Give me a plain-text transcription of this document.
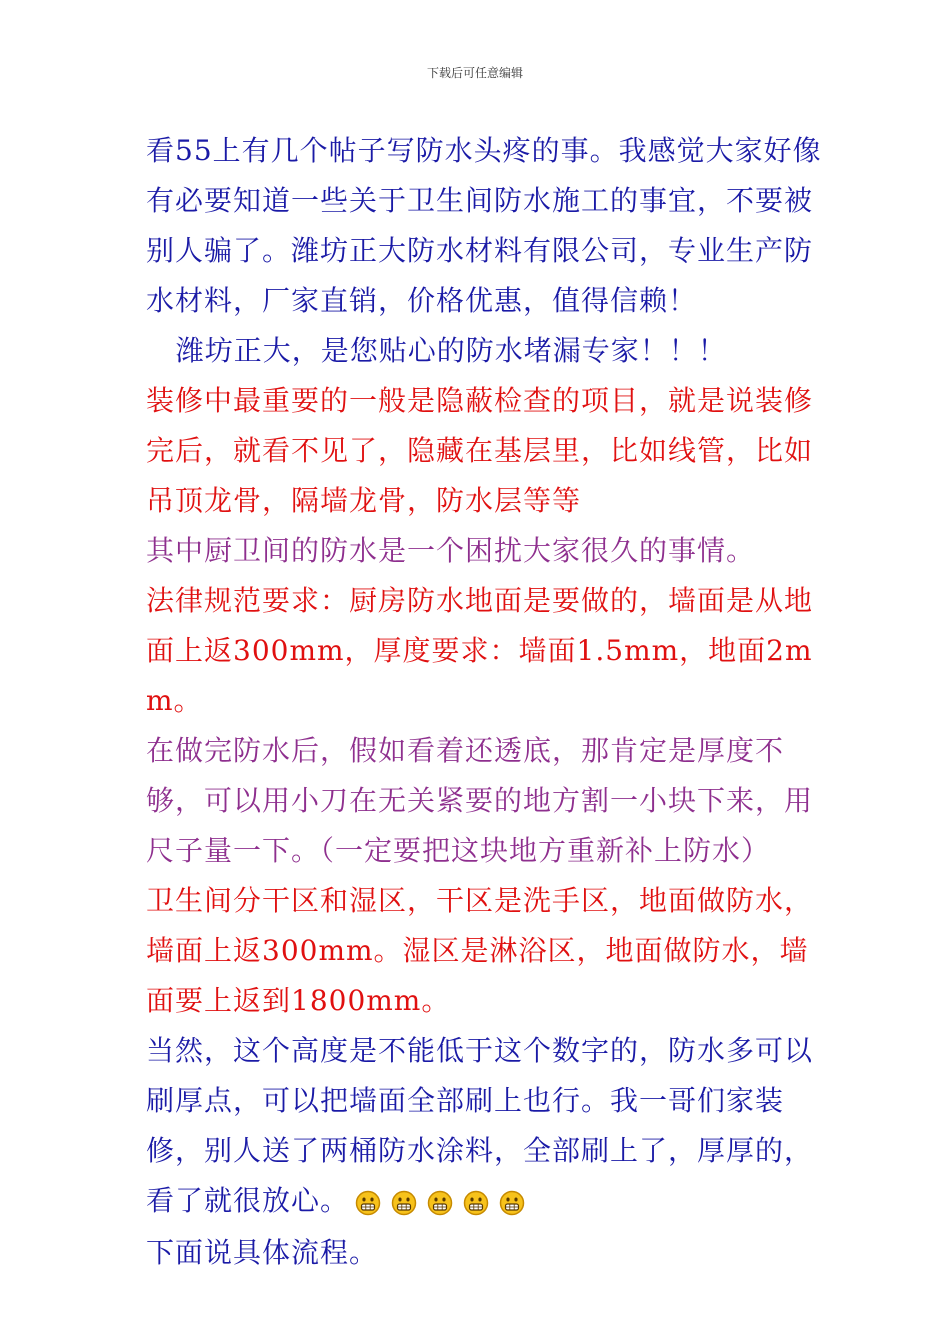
下载后可任意编辑

看55上有几个帖子写防水头疼的事。我感觉大家好像有必要知道一些关于卫生间防水施工的事宜，不要被别人骗了。潍坊正大防水材料有限公司，专业生产防水材料，厂家直销，价格优惠，值得信赖！

潍坊正大，是您贴心的防水堵漏专家！！！

装修中最重要的一般是隐蔽检查的项目，就是说装修完后，就看不见了，隐藏在基层里，比如线管，比如吊顶龙骨，隔墙龙骨，防水层等等

其中厨卫间的防水是一个困扰大家很久的事情。

法律规范要求：厨房防水地面是要做的，墙面是从地面上返300mm，厚度要求：墙面1.5mm，地面2mm。

在做完防水后，假如看着还透底，那肯定是厚度不够，可以用小刀在无关紧要的地方割一小块下来，用尺子量一下。（一定要把这块地方重新补上防水）

卫生间分干区和湿区，干区是洗手区，地面做防水，墙面上返300mm。湿区是淋浴区，地面做防水，墙面要上返到1800mm。

当然，这个高度是不能低于这个数字的，防水多可以刷厚点，可以把墙面全部刷上也行。我一哥们家装修，别人送了两桶防水涂料，全部刷上了，厚厚的，看了就很放心。

下面说具体流程。
